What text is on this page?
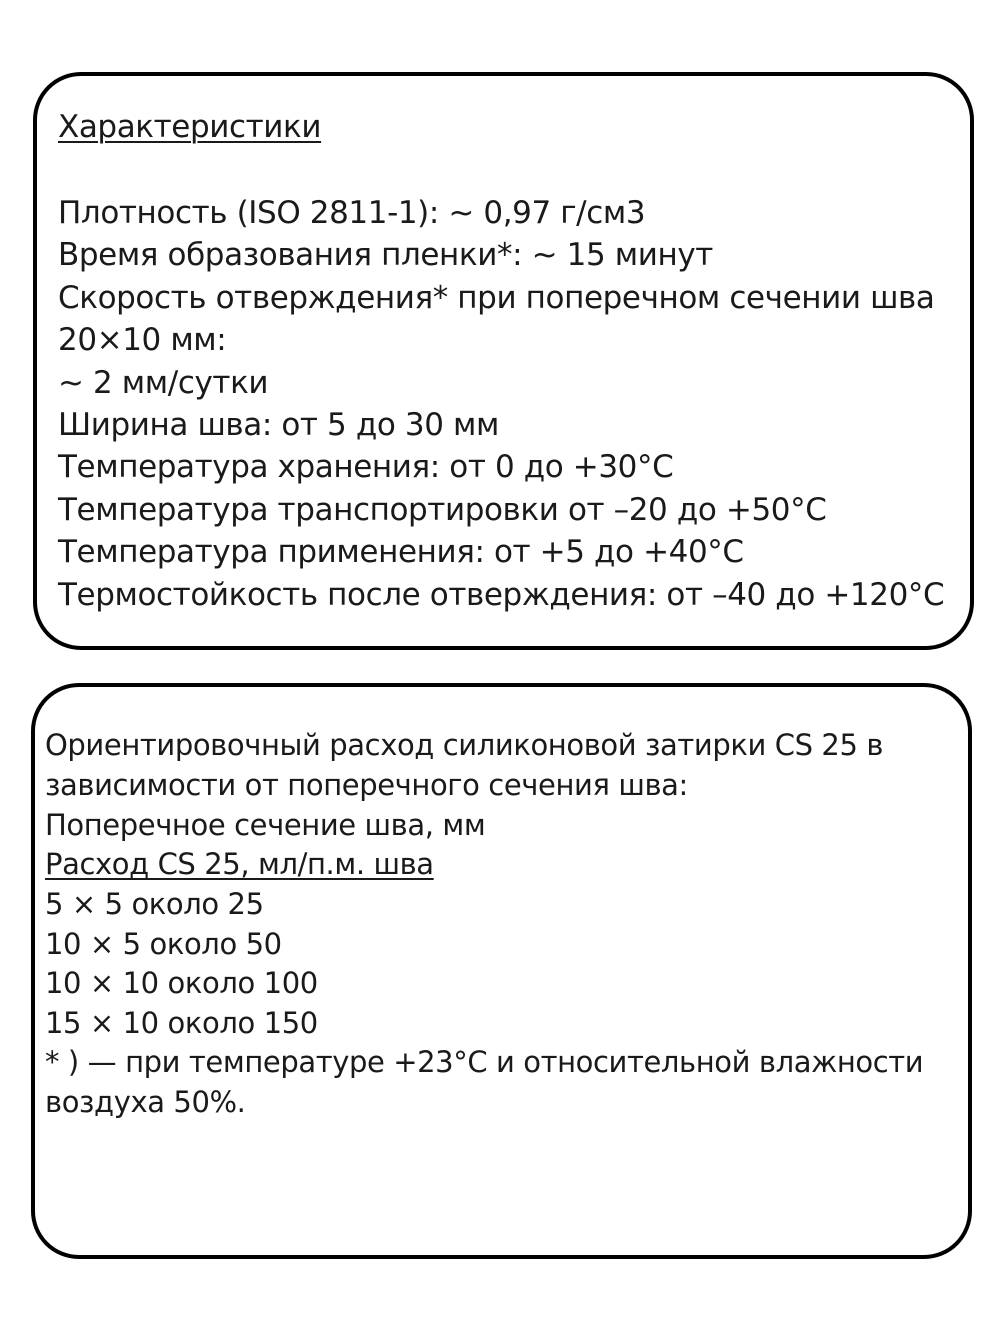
Характеристики
Плотность (ISO 2811-1): ~ 0,97 г/см3
Время образования пленки*: ~ 15 минут
Скорость отверждения* при поперечном сечении шва
20×10 мм:
~ 2 мм/сутки
Ширина шва: от 5 до 30 мм
Температура хранения: от 0 до +30°С
Температура транспортировки от –20 до +50°С
Температура применения: от +5 до +40°С
Термостойкость после отверждения: от –40 до +120°С
Ориентировочный расход силиконовой затирки CS 25 в
зависимости от поперечного сечения шва:
Поперечное сечение шва, мм
Расход CS 25, мл/п.м. шва
5 × 5 около 25
10 × 5 около 50
10 × 10 около 100
15 × 10 около 150
* ) — при температуре +23°С и относительной влажности
воздуха 50%.
